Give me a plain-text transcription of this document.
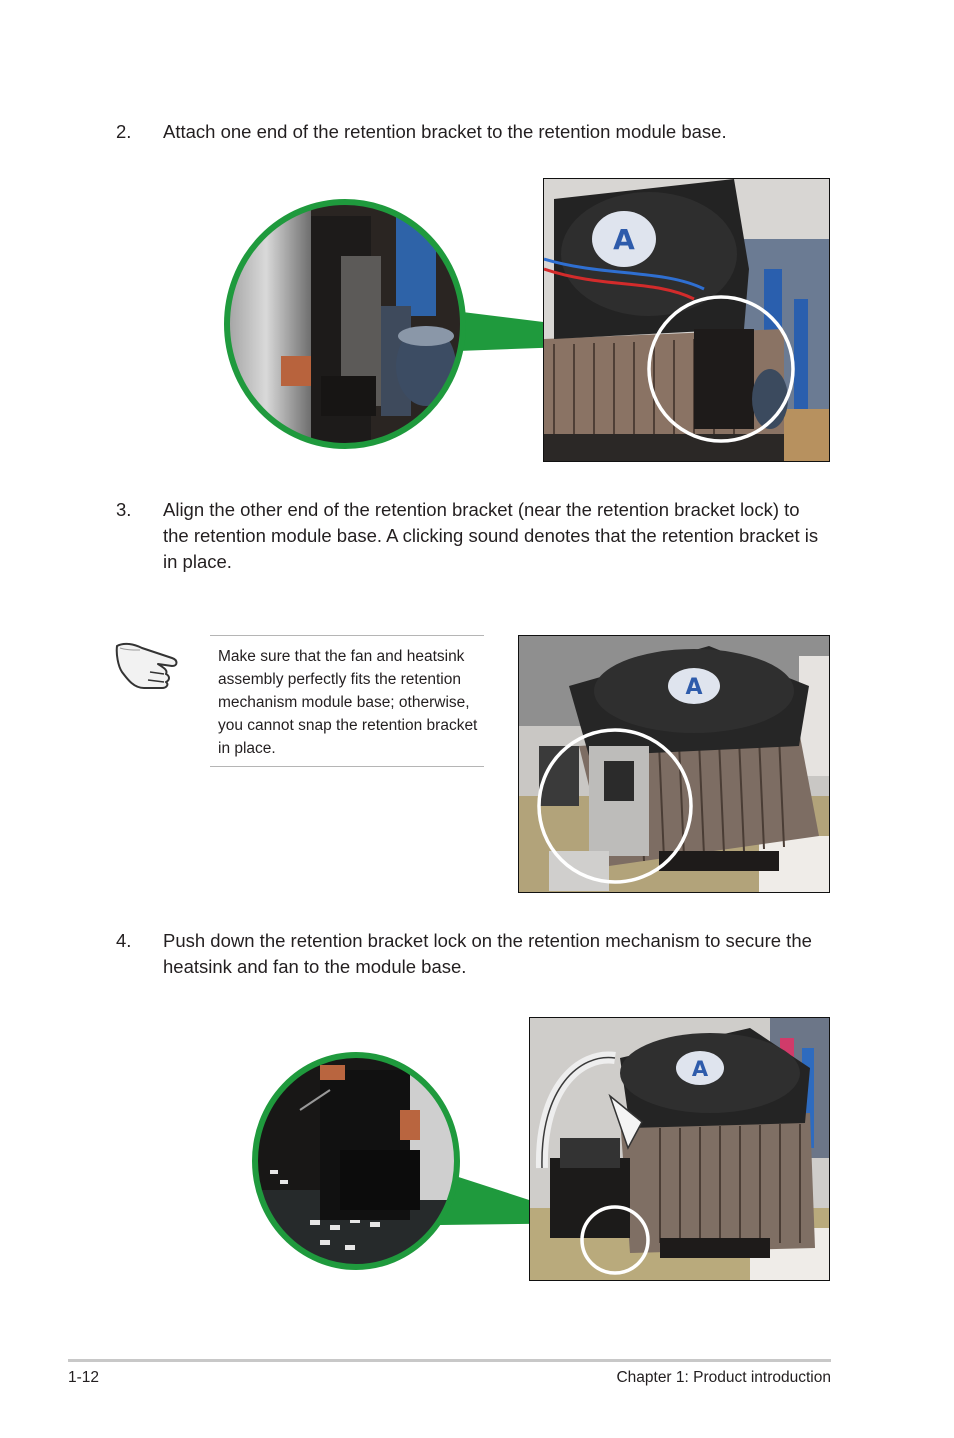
2.	Attach one end of the retention bracket to the retention module base.
A
3.	Align the other end of the retention bracket (near the retention bracket lock) to the retention module base. A clicking sound denotes that the retention bracket is in place.
Make sure that the fan and heatsink assembly perfectly fits the retention mechanism module base; otherwise, you cannot snap the retention bracket in place.
A
4.	Push down the retention bracket lock on the retention mechanism to secure the heatsink and fan to the module base.
A
1-12	Chapter 1: Product introduction
